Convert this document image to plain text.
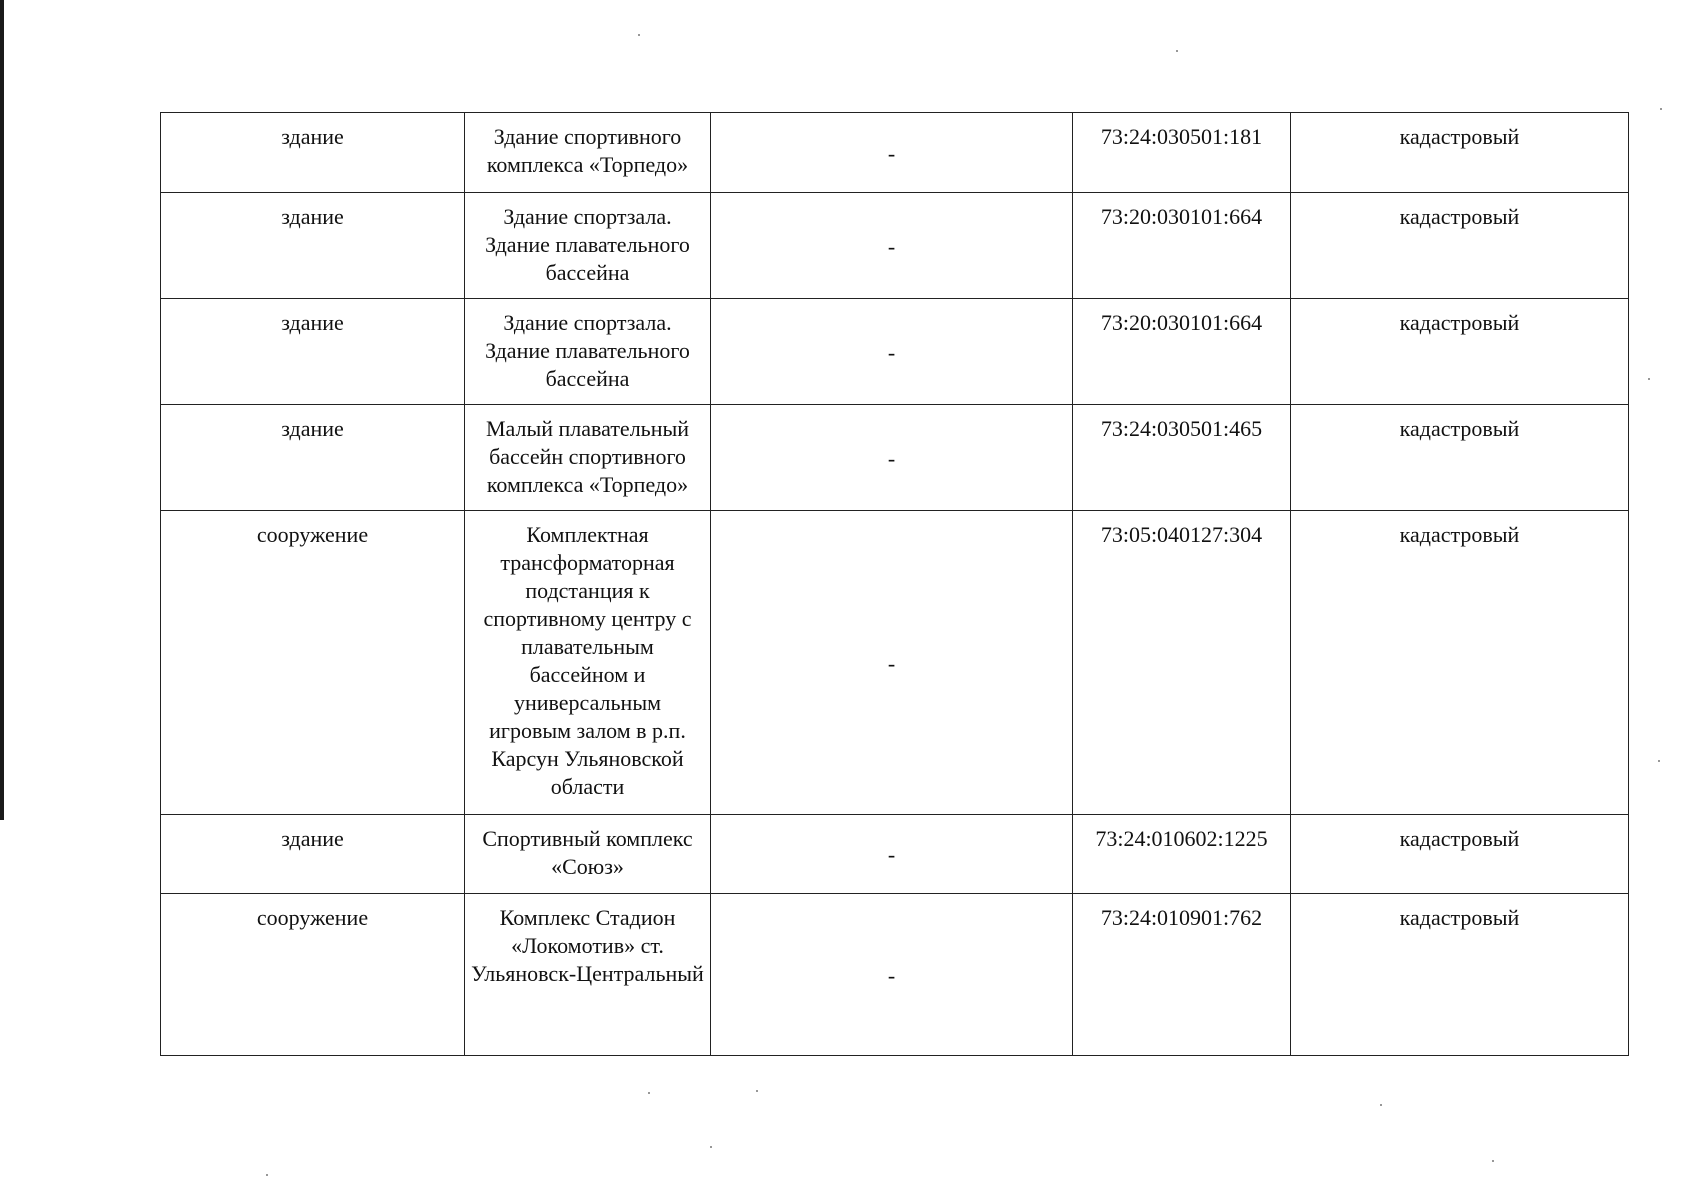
здание	Здание спортивного комплекса «Торпедо»	-	73:24:030501:181	кадастровый
здание	Здание спортзала. Здание плавательного бассейна	-	73:20:030101:664	кадастровый
здание	Здание спортзала. Здание плавательного бассейна	-	73:20:030101:664	кадастровый
здание	Малый плавательный бассейн спортивного комплекса «Торпедо»	-	73:24:030501:465	кадастровый
сооружение	Комплектная трансформаторная подстанция к спортивному центру с плавательным бассейном и универсальным игровым залом в р.п. Карсун Ульяновской области	-	73:05:040127:304	кадастровый
здание	Спортивный комплекс «Союз»	-	73:24:010602:1225	кадастровый
сооружение	Комплекс Стадион «Локомотив» ст. Ульяновск-Центральный	-	73:24:010901:762	кадастровый
